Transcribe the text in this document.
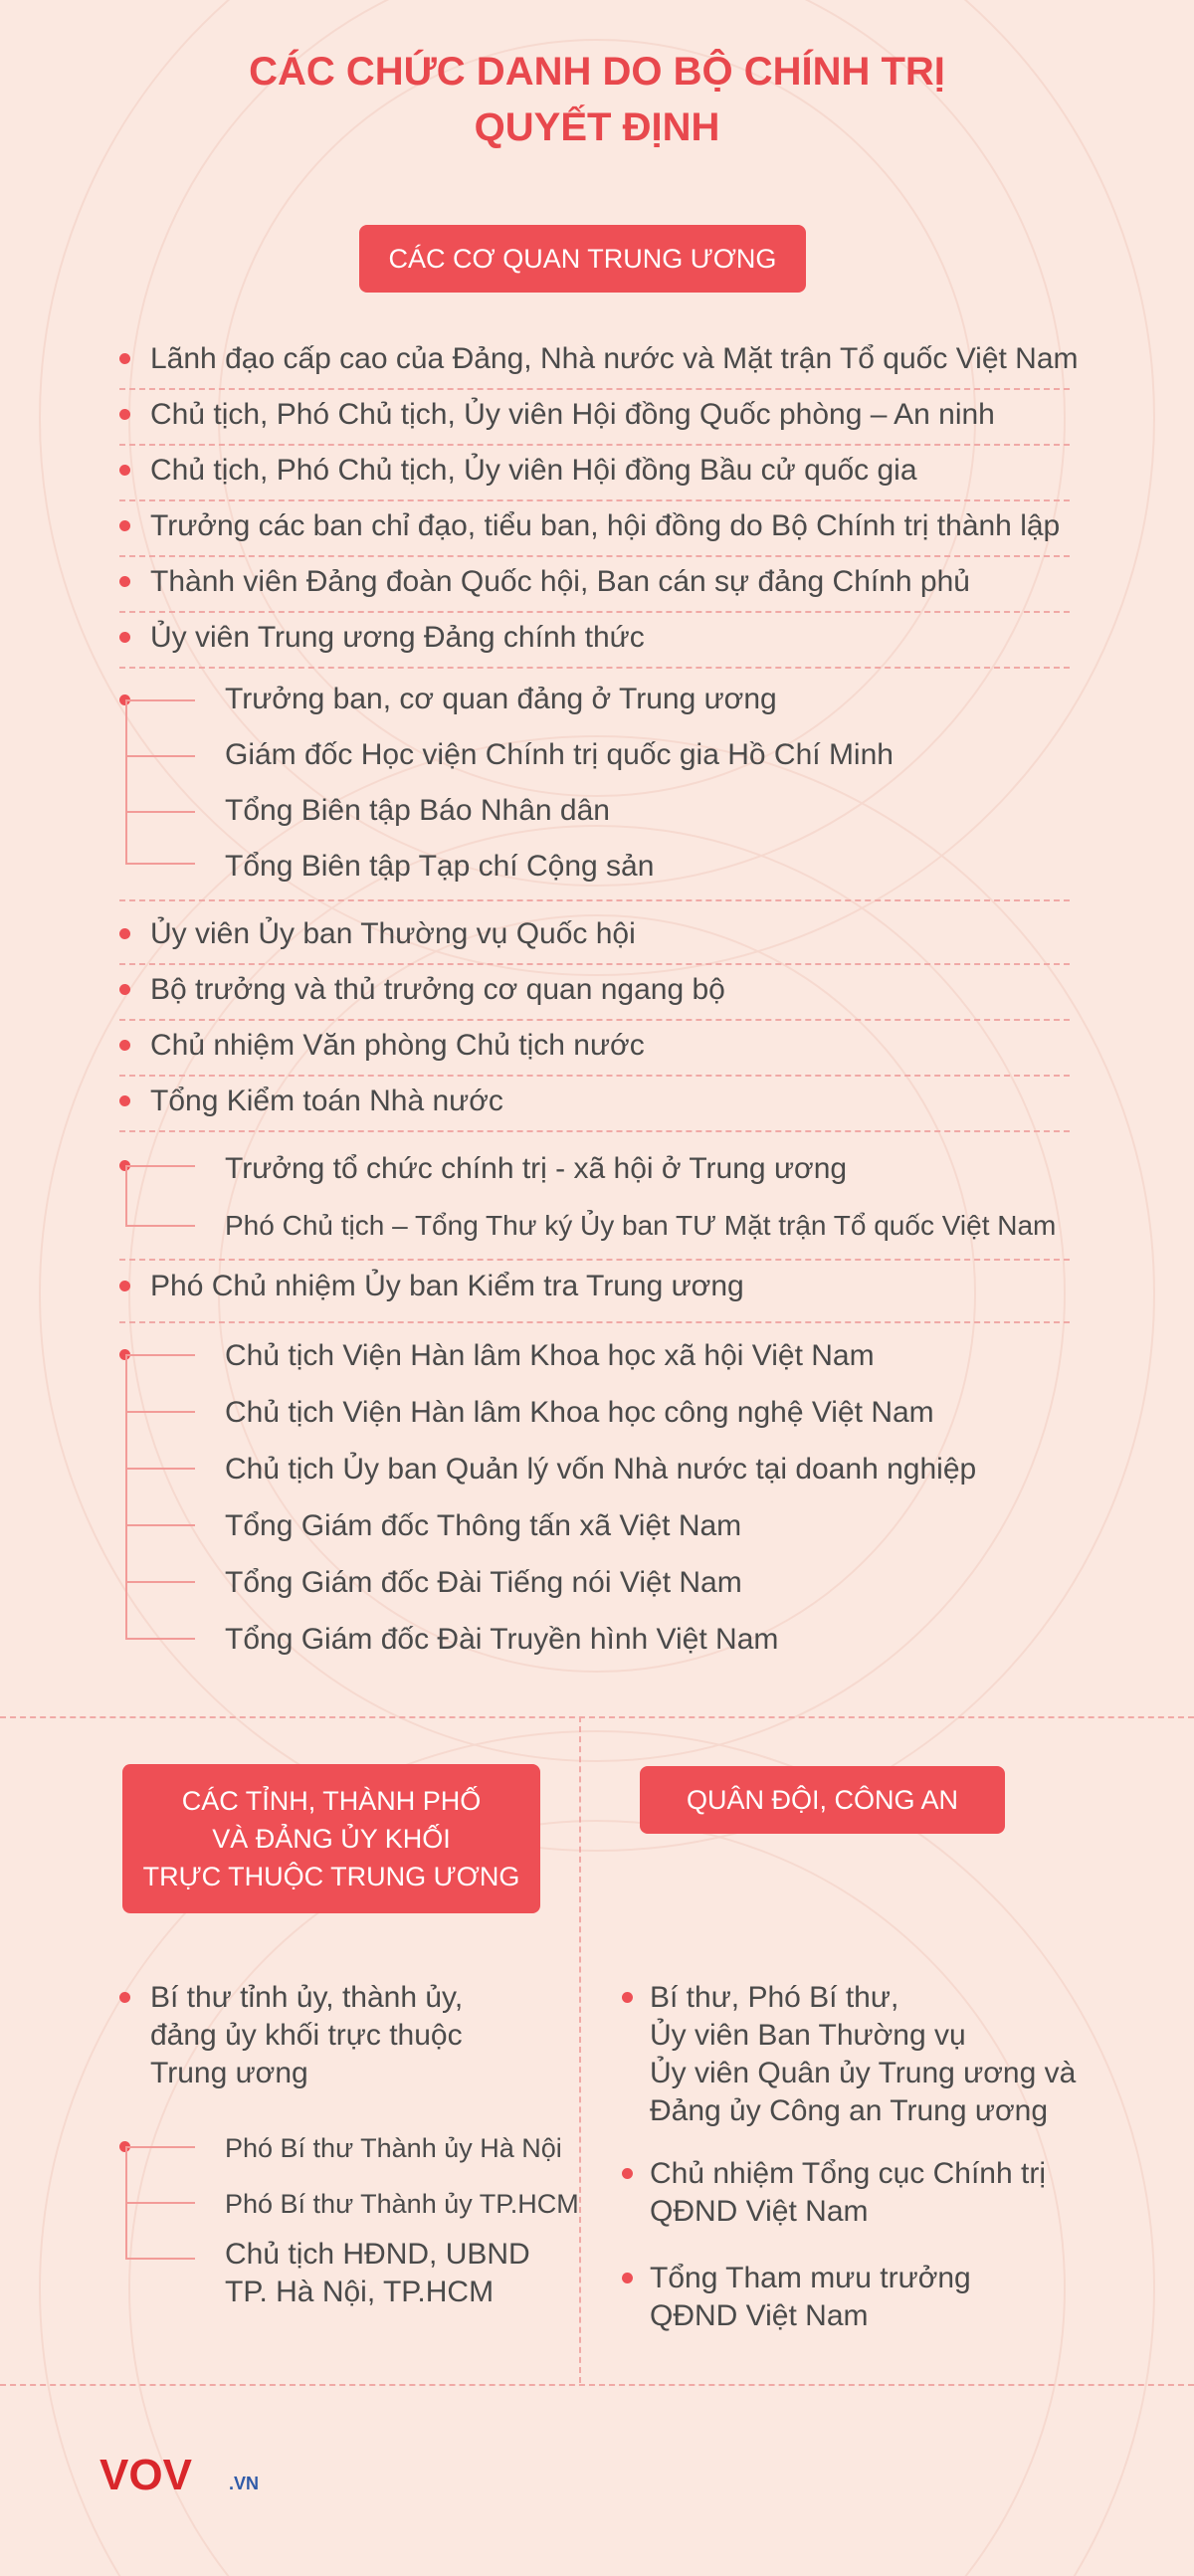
CÁC CHỨC DANH DO BỘ CHÍNH TRỊ
QUYẾT ĐỊNH
CÁC CƠ QUAN TRUNG ƯƠNG
Lãnh đạo cấp cao của Đảng, Nhà nước và Mặt trận Tổ quốc Việt Nam
Chủ tịch, Phó Chủ tịch, Ủy viên Hội đồng Quốc phòng – An ninh
Chủ tịch, Phó Chủ tịch, Ủy viên Hội đồng Bầu cử quốc gia
Trưởng các ban chỉ đạo, tiểu ban, hội đồng do Bộ Chính trị thành lập
Thành viên Đảng đoàn Quốc hội, Ban cán sự đảng Chính phủ
Ủy viên Trung ương Đảng chính thức
Trưởng ban, cơ quan đảng ở Trung ương
Giám đốc Học viện Chính trị quốc gia Hồ Chí Minh
Tổng Biên tập Báo Nhân dân
Tổng Biên tập Tạp chí Cộng sản
Ủy viên Ủy ban Thường vụ Quốc hội
Bộ trưởng và thủ trưởng cơ quan ngang bộ
Chủ nhiệm Văn phòng Chủ tịch nước
Tổng Kiểm toán Nhà nước
Trưởng tổ chức chính trị - xã hội ở Trung ương
Phó Chủ tịch – Tổng Thư ký Ủy ban TƯ Mặt trận Tổ quốc Việt Nam
Phó Chủ nhiệm Ủy ban Kiểm tra Trung ương
Chủ tịch Viện Hàn lâm Khoa học xã hội Việt Nam
Chủ tịch Viện Hàn lâm Khoa học công nghệ Việt Nam
Chủ tịch Ủy ban Quản lý vốn Nhà nước tại doanh nghiệp
Tổng Giám đốc Thông tấn xã Việt Nam
Tổng Giám đốc Đài Tiếng nói Việt Nam
Tổng Giám đốc Đài Truyền hình Việt Nam
CÁC TỈNH, THÀNH PHỐ
VÀ ĐẢNG ỦY KHỐI
TRỰC THUỘC TRUNG ƯƠNG
Bí thư tỉnh ủy, thành ủy,
đảng ủy khối trực thuộc
Trung ương
Phó Bí thư Thành ủy Hà Nội
Phó Bí thư Thành ủy TP.HCM
Chủ tịch HĐND, UBND
TP. Hà Nội, TP.HCM
QUÂN ĐỘI, CÔNG AN
Bí thư, Phó Bí thư,
Ủy viên Ban Thường vụ
Ủy viên Quân ủy Trung ương và
Đảng ủy Công an Trung ương
Chủ nhiệm Tổng cục Chính trị
QĐND Việt Nam
Tổng Tham mưu trưởng
QĐND Việt Nam
VOV .VN
